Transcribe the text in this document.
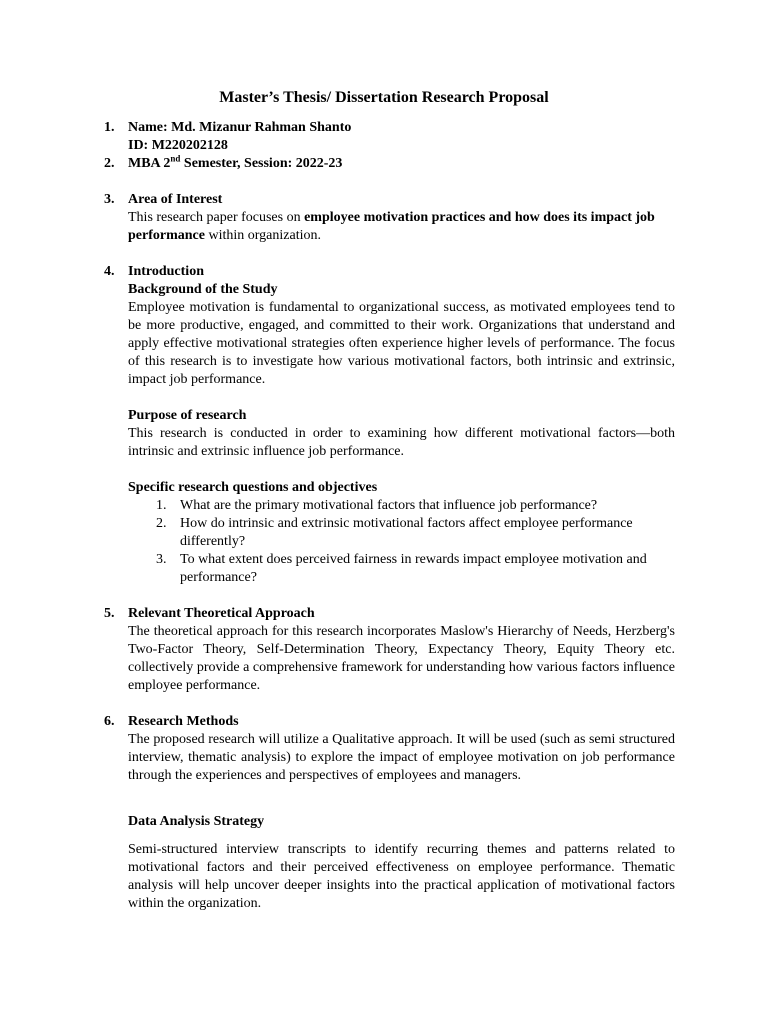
Master’s Thesis/ Dissertation Research Proposal
1. Name: Md. Mizanur Rahman Shanto
ID: M220202128
2. MBA 2nd Semester, Session: 2022-23
3. Area of Interest
This research paper focuses on employee motivation practices and how does its impact job performance within organization.
4. Introduction
Background of the Study
Employee motivation is fundamental to organizational success, as motivated employees tend to be more productive, engaged, and committed to their work. Organizations that understand and apply effective motivational strategies often experience higher levels of performance. The focus of this research is to investigate how various motivational factors, both intrinsic and extrinsic, impact job performance.
Purpose of research
This research is conducted in order to examining how different motivational factors—both intrinsic and extrinsic influence job performance.
Specific research questions and objectives
1. What are the primary motivational factors that influence job performance?
2. How do intrinsic and extrinsic motivational factors affect employee performance differently?
3. To what extent does perceived fairness in rewards impact employee motivation and performance?
5. Relevant Theoretical Approach
The theoretical approach for this research incorporates Maslow's Hierarchy of Needs, Herzberg's Two-Factor Theory, Self-Determination Theory, Expectancy Theory, Equity Theory etc. collectively provide a comprehensive framework for understanding how various factors influence employee performance.
6. Research Methods
The proposed research will utilize a Qualitative approach. It will be used (such as semi structured interview, thematic analysis) to explore the impact of employee motivation on job performance through the experiences and perspectives of employees and managers.
Data Analysis Strategy
Semi-structured interview transcripts to identify recurring themes and patterns related to motivational factors and their perceived effectiveness on employee performance. Thematic analysis will help uncover deeper insights into the practical application of motivational factors within the organization.
